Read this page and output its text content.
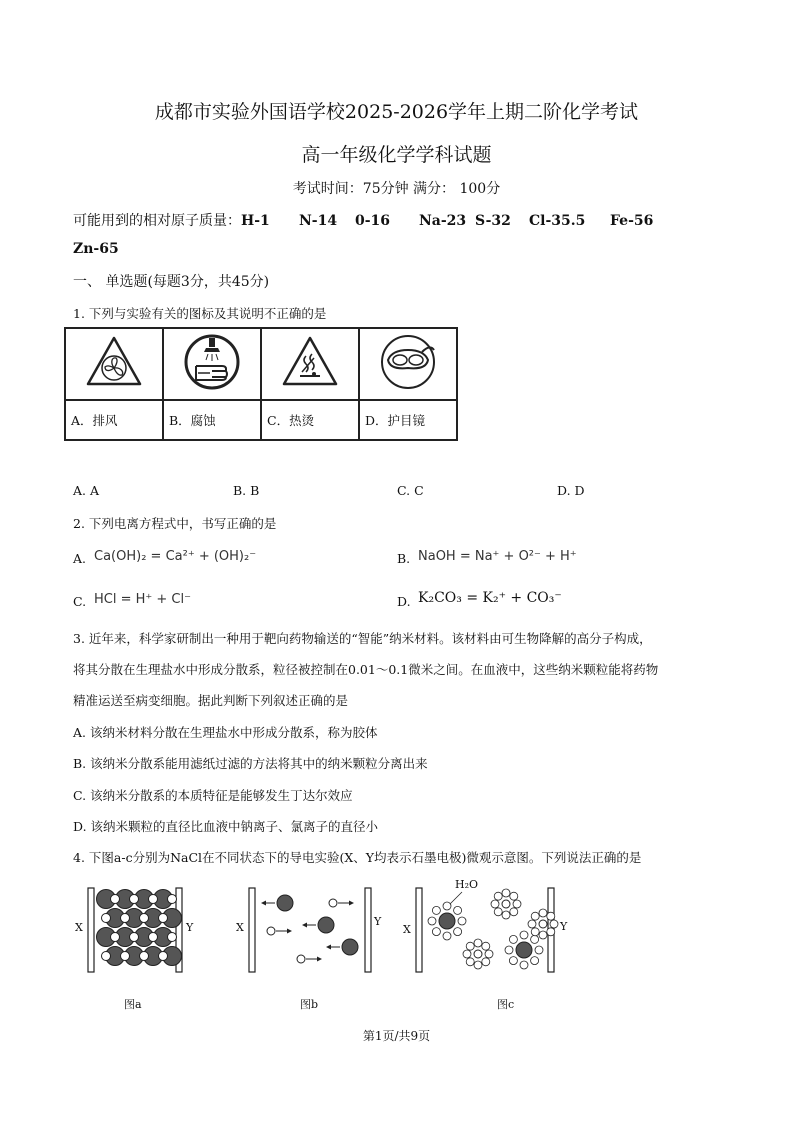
成都市实验外国语学校2025-2026学年上期二阶化学考试
高一年级化学学科试题
考试时间：75分钟 满分： 100分
可能用到的相对原子质量：H-1 N-14 0-16 Na-23 S-32 Cl-35.5 Fe-56
Zn-65
一、 单选题(每题3分，共45分)
1. 下列与实验有关的图标及其说明不正确的是

A．排风	B．腐蚀	C．热烫	D．护目镜
A. A	B. B	C. C	D. D
2. 下列电离方程式中，书写正确的是
A. Ca(OH)₂ = Ca²⁺ + (OH)₂⁻	B. NaOH = Na⁺ + O²⁻ + H⁺
C. HCl = H⁺ + Cl⁻	D. K₂CO₃ = K₂⁺ + CO₃⁻
3. 近年来，科学家研制出一种用于靶向药物输送的“智能”纳米材料。该材料由可生物降解的高分子构成，
将其分散在生理盐水中形成分散系，粒径被控制在0.01～0.1微米之间。在血液中，这些纳米颗粒能将药物
精准运送至病变细胞。据此判断下列叙述正确的是
A. 该纳米材料分散在生理盐水中形成分散系，称为胶体
B. 该纳米分散系能用滤纸过滤的方法将其中的纳米颗粒分离出来
C. 该纳米分散系的本质特征是能够发生丁达尔效应
D. 该纳米颗粒的直径比血液中钠离子、氯离子的直径小
4. 下图a-c分别为NaCl在不同状态下的导电实验(X、Y均表示石墨电极)微观示意图。下列说法正确的是
X	Y
图a
X	Y
图b
H₂O
X	Y
图c
第1页/共9页
